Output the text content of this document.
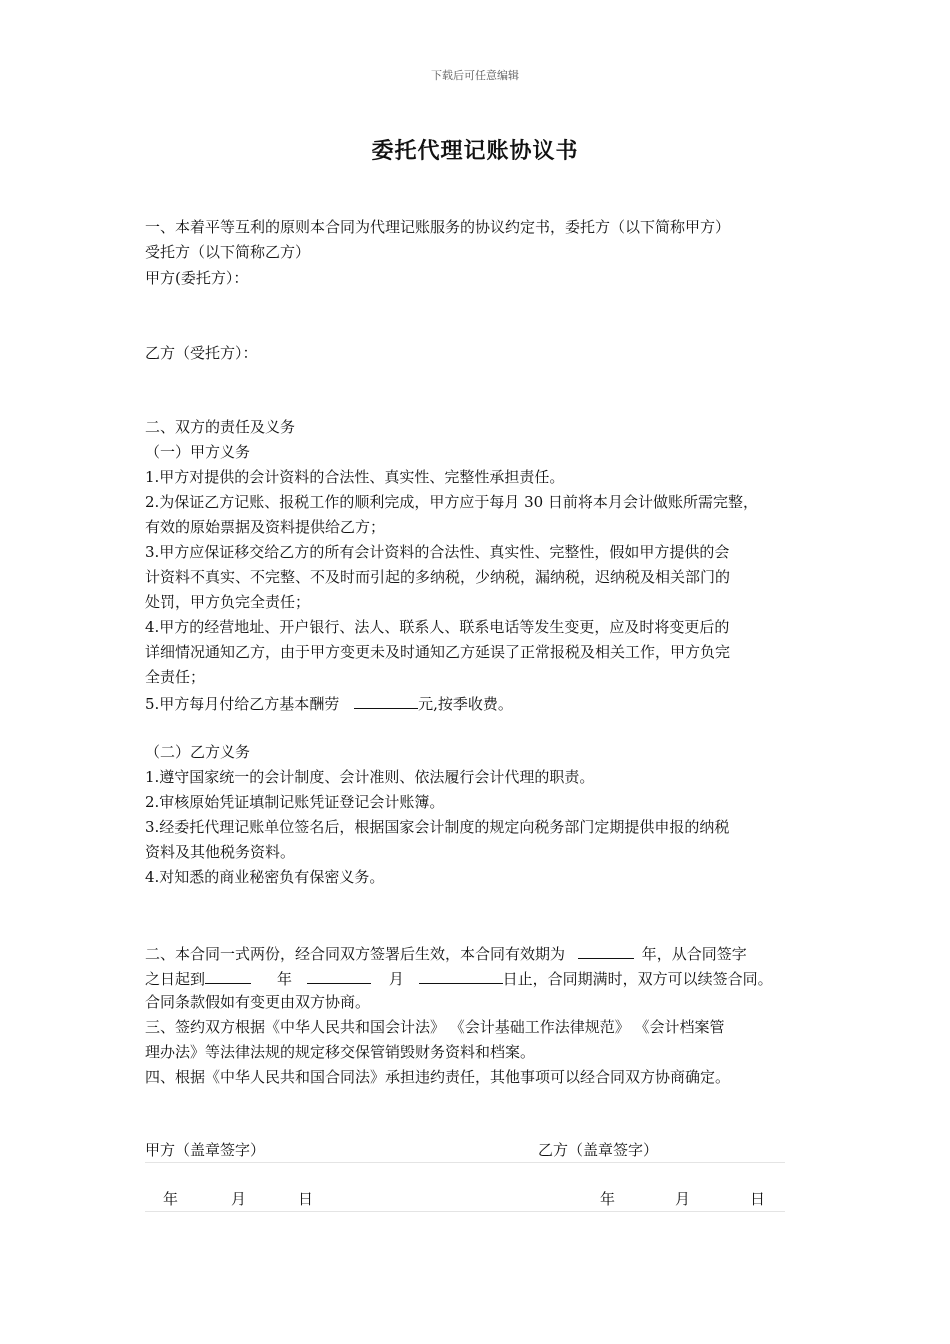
下载后可任意编辑
委托代理记账协议书
一、本着平等互利的原则本合同为代理记账服务的协议约定书，委托方（以下简称甲方）
受托方（以下简称乙方）
甲方(委托方）：
乙方（受托方）：
二、双方的责任及义务
（一）甲方义务
1.甲方对提供的会计资料的合法性、真实性、完整性承担责任。
2.为保证乙方记账、报税工作的顺利完成，甲方应于每月 30 日前将本月会计做账所需完整，
有效的原始票据及资料提供给乙方；
3.甲方应保证移交给乙方的所有会计资料的合法性、真实性、完整性，假如甲方提供的会
计资料不真实、不完整、不及时而引起的多纳税，少纳税，漏纳税，迟纳税及相关部门的
处罚，甲方负完全责任；
4.甲方的经营地址、开户银行、法人、联系人、联系电话等发生变更，应及时将变更后的
详细情况通知乙方，由于甲方变更未及时通知乙方延误了正常报税及相关工作，甲方负完
全责任；
5.甲方每月付给乙方基本酬劳	元,按季收费。
（二）乙方义务
1.遵守国家统一的会计制度、会计准则、依法履行会计代理的职责。
2.审核原始凭证填制记账凭证登记会计账簿。
3.经委托代理记账单位签名后，根据国家会计制度的规定向税务部门定期提供申报的纳税
资料及其他税务资料。
4.对知悉的商业秘密负有保密义务。
二、本合同一式两份，经合同双方签署后生效，本合同有效期为	年，从合同签字
之日起到	年	月	日止，合同期满时，双方可以续签合同。
合同条款假如有变更由双方协商。
三、签约双方根据《中华人民共和国会计法》 《会计基础工作法律规范》 《会计档案管
理办法》等法律法规的规定移交保管销毁财务资料和档案。
四、根据《中华人民共和国合同法》承担违约责任，其他事项可以经合同双方协商确定。
甲方（盖章签字）	乙方（盖章签字）
年	月	日	年	月	日
